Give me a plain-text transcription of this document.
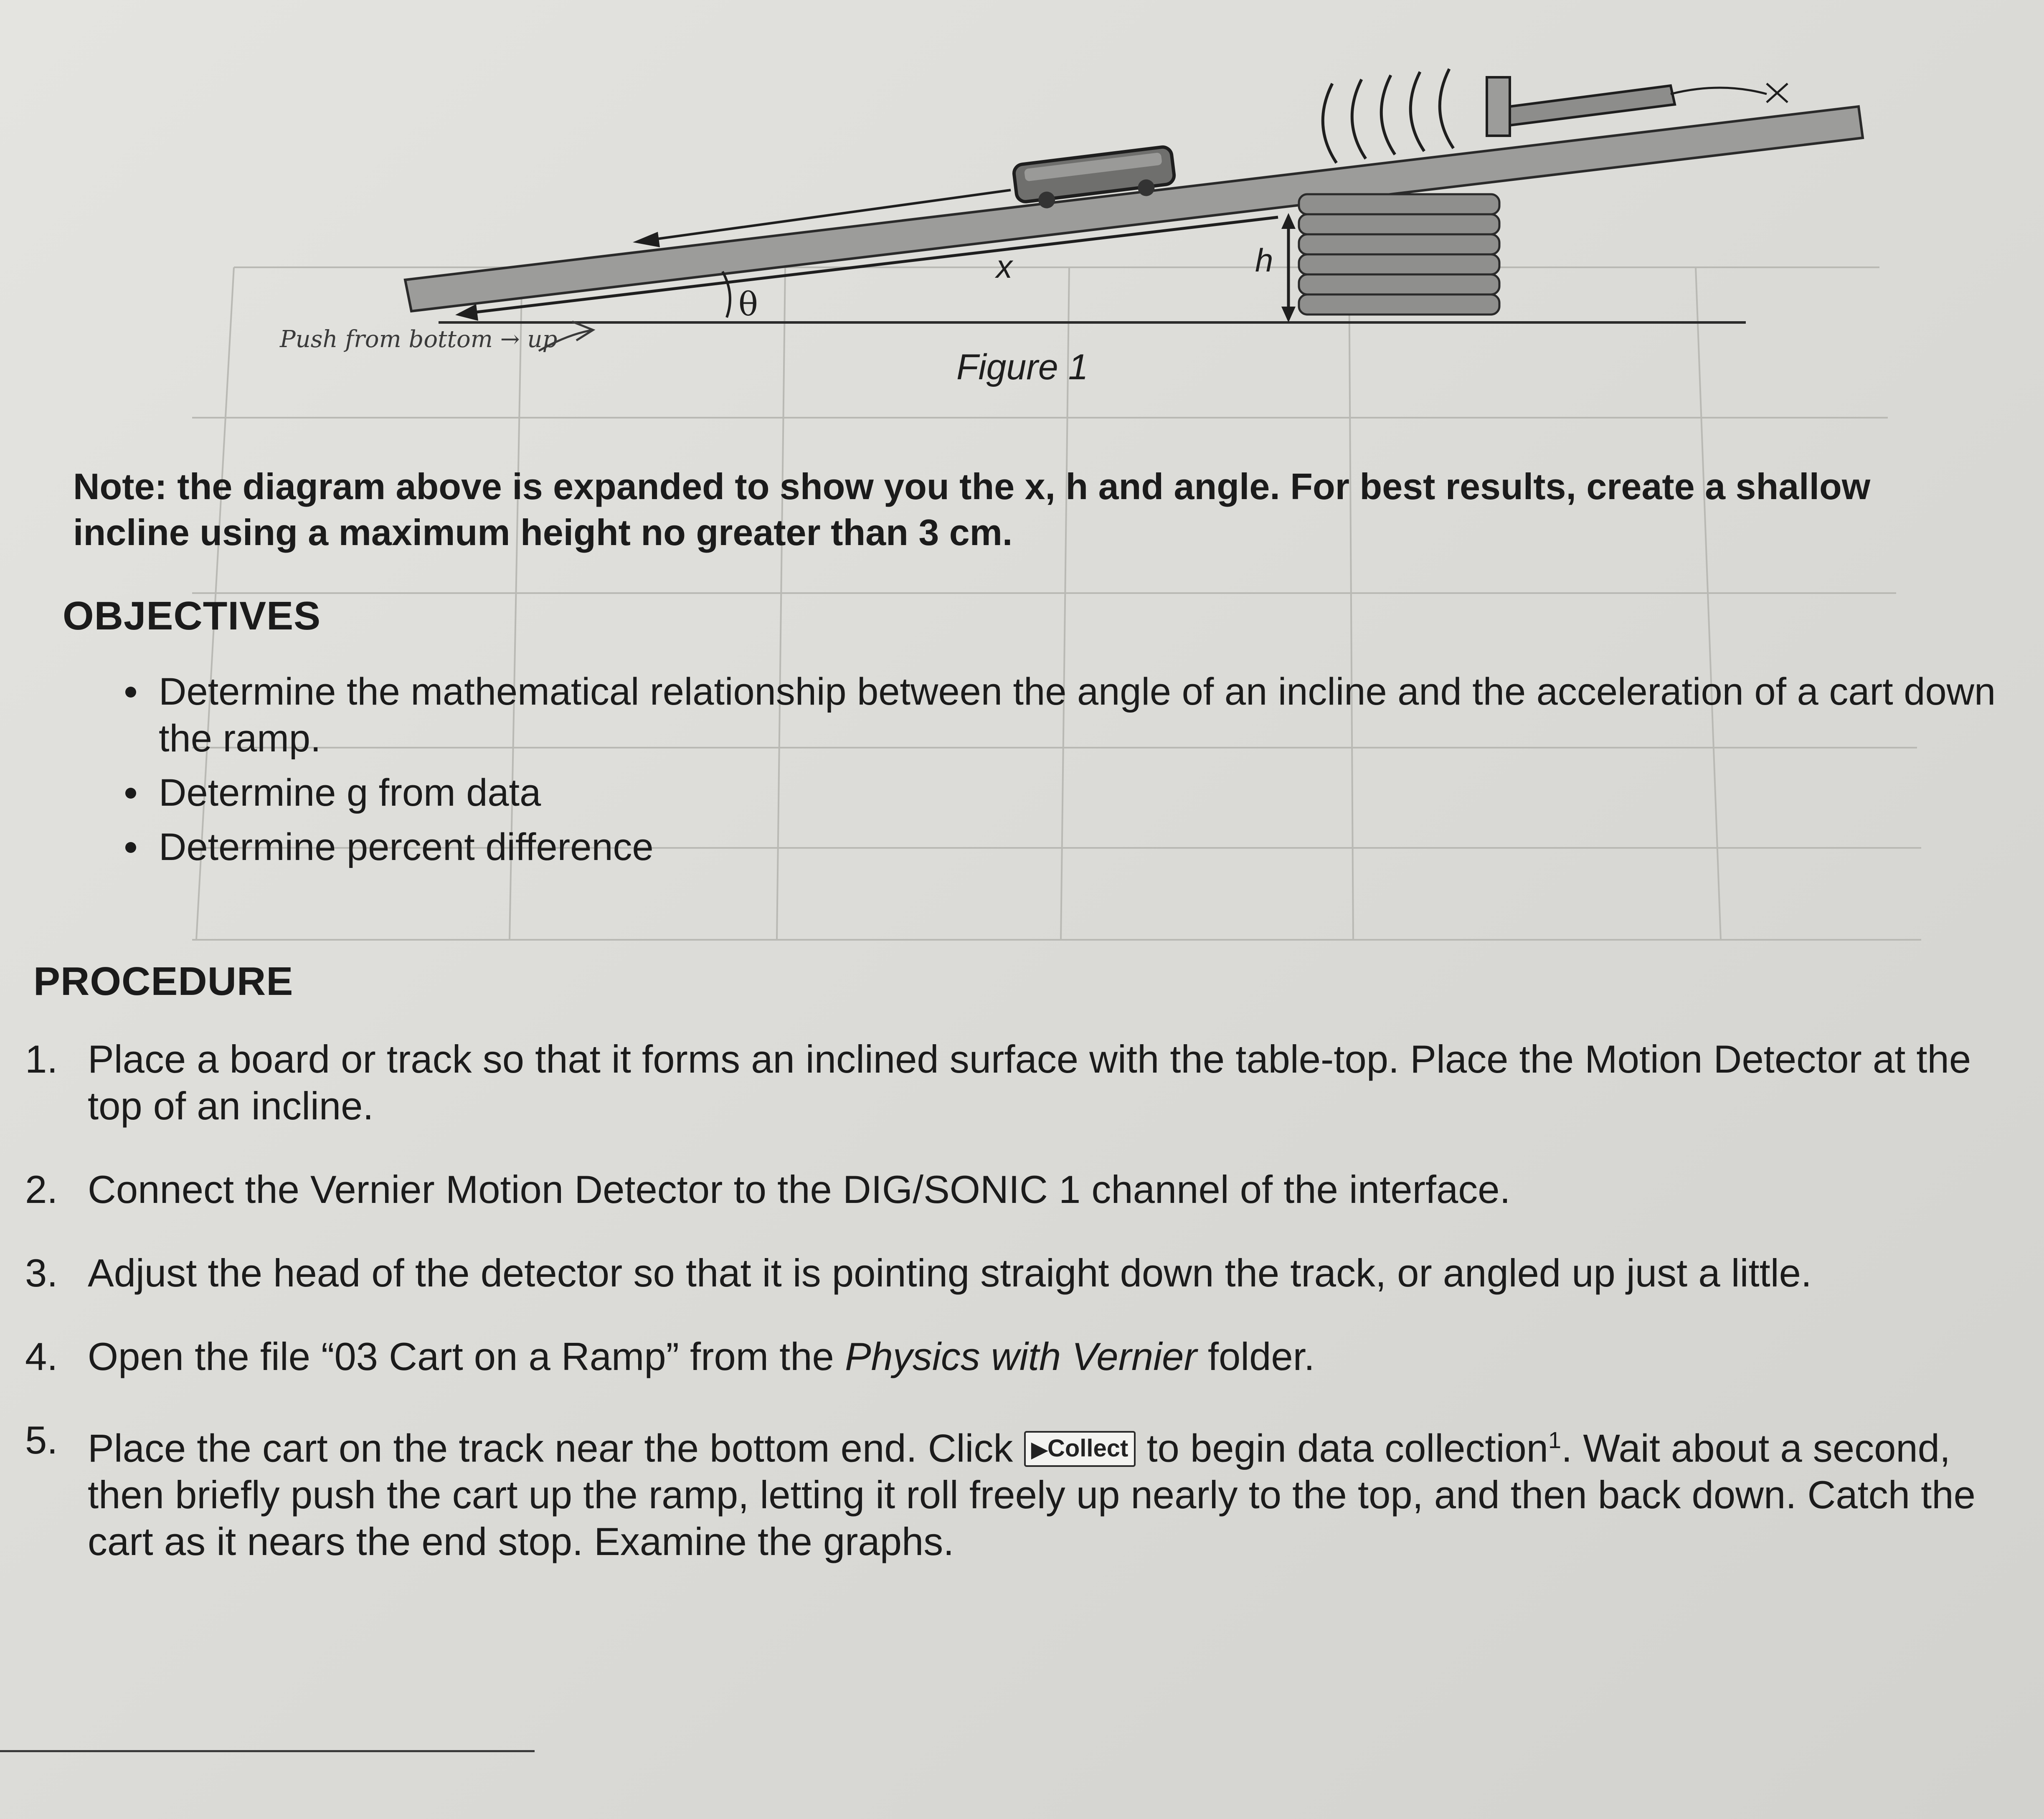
h
x
θ
Push from bottom → up
Figure 1
Note: the diagram above is expanded to show you the x, h and angle. For best results, create a shallow incline using a maximum height no greater than 3 cm.
OBJECTIVES
Determine the mathematical relationship between the angle of an incline and the acceleration of a cart down the ramp.
Determine g from data
Determine percent difference
PROCEDURE
1. Place a board or track so that it forms an inclined surface with the table-top. Place the Motion Detector at the top of an incline.
2. Connect the Vernier Motion Detector to the DIG/SONIC 1 channel of the interface.
3. Adjust the head of the detector so that it is pointing straight down the track, or angled up just a little.
4. Open the file “03 Cart on a Ramp” from the Physics with Vernier folder.
5. Place the cart on the track near the bottom end. Click ▶Collect to begin data collection$^1$. Wait about a second, then briefly push the cart up the ramp, letting it roll freely up nearly to the top, and then back down. Catch the cart as it nears the end stop. Examine the graphs.
